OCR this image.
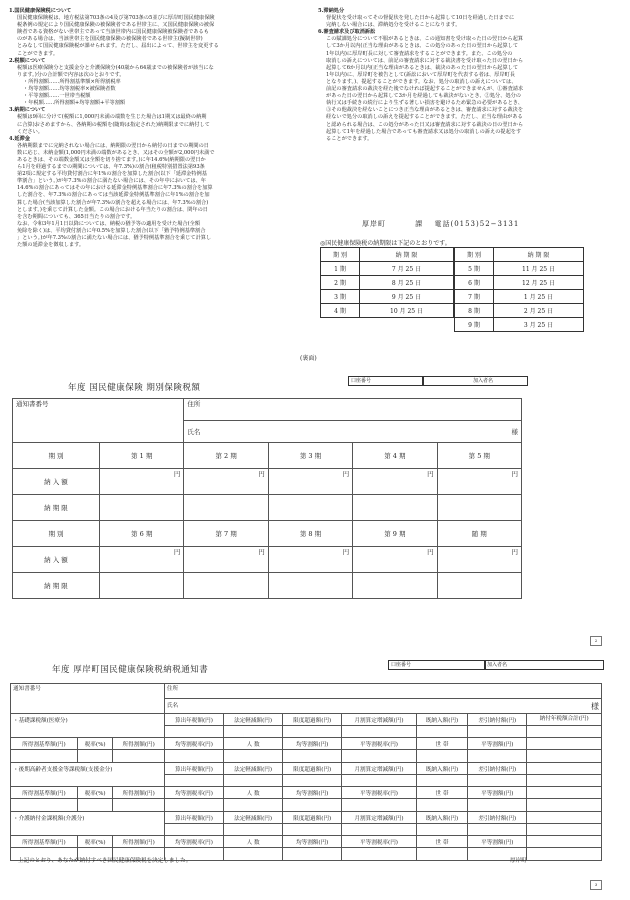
1.国民健康保険税について

国民健康保険税は、地方税法第703条の4及び第703条の5並びに厚岸町国民健康保険

税条例の規定により国民健康保険の被保険者である世帯主に、又国民健康保険の被保

険者である資格がない世帯主であって当該世帯内に国民健康保険被保険者であるも

のがある場合は、当該世帯主を国民健康保険の被保険者である世帯主(擬制世帯)

とみなして国民健康保険税が課せられます。ただし、届出によって、世帯主を変更する

ことができます。

2.税額について

税額は医療保険分と支援金分と介護保険分(40歳から64歳までの被保険者が該当にな

ります。)分の合計額で内容は次のとおりです。

・所得割額……所得割基準額×所得割税率

・均等割額……均等割税率×被保険者数

・平等割額……一世帯当税額

・年税額……所得割額+均等割額+平等割額

3.納期について

税額は9回に分けて(税額に1,000円未満の端数を生じた場合は1期又は最終の納期

に合算)おさめますから、各納期の税額を(随時は指定された)納期限までに納付して

ください。

4.延滞金

各納期限までに完納されない場合には、納期限の翌日から納付の日までの期間の日

数に応じ、未納金額(1,000円未満の端数があるとき、又はその全額が2,000円未満で

あるときは、その端数金額又は全額を切り捨てます。)に年14.6%(納期限の翌日か

ら1月を経過するまでの期間については、年7.3%)の割合(租税特別措置法第93条

第2項に規定する平均貸付割合に年1%の割合を加算した割合(以下「延滞金特例基

準割合」という。)が年7.3%の割合に満たない場合には、その年中においては、年

14.6%の割合にあってはその年における延滞金特例基準割合に年7.3%の割合を加算

した割合を、年7.3%の割合にあっては当該延滞金特例基準割合に年1%の割合を加

算した場合(当該加算した割合が年7.3%の割合を超える場合には、年7.3%の割合)

とします。)を乗じて計算した金額。この場合における年当たりの割合は、閏年の日

を含む期間についても、365日当たりの割合です。

なお、令和3年1月1日以降については、納税の猶予等の適用を受けた場合(全額

免除を除く)は、平均貸付割合に年0.5%を加算した割合(以下「猶予特例基準割合

」という。)が年7.3%の割合に満たない場合には、猶予特例基準割合を乗じて計算し

た額の延滞金を徴収します。

5.滞納処分

督促状を受け取ってその督促状を発した日から起算して10日を経過した日までに

完納しない場合には、滞納処分を受けることになります。

6.審査請求及び取消訴訟

この賦課処分について不服があるときは、この通知書を受け取った日の翌日から起算

して3か月以内(正当な理由があるときは、この処分のあった日の翌日から起算して

1年以内)に厚岸町長に対して審査請求をすることができます。また、この処分の

取消しの訴えについては、前記の審査請求に対する裁決書を受け取った日の翌日から

起算して6か月以内(正当な理由があるときは、裁決のあった日の翌日から起算して

1年以内)に、厚岸町を被告として(訴訟において厚岸町を代表する者は、厚岸町長

となります。)、提起することができます。なお、処分の取消しの訴えについては、

前記の審査請求の裁決を経た後でなければ提起することができませんが、①審査請求

があった日の翌日から起算して3か月を経過しても裁決がないとき、②処分、処分の

執行又は手続きの続行により生ずる著しい損害を避けるため緊急の必要があるとき、

③その他裁決を経ないことにつき正当な理由があるときは、審査請求に対する裁決を

経ないで処分の取消しの訴えを提起することができます。ただし、正当な理由がある

と認められる場合は、この処分があった日又は審査請求に対する裁決の日の翌日から

起算して1年を経過した場合であっても審査請求又は処分の取消しの訴えの提起をす

ることができます。

厚岸町	課 電話(0153)52−3131
◎国民健康保険税の納期限は下記のとおりです。
期 別	納 期 限
1 期	7 月 25 日
2 期	8 月 25 日
3 期	9 月 25 日
4 期	10 月 25 日
期 別	納 期 限
5 期	11 月 25 日
6 期	12 月 25 日
7 期	1 月 25 日
8 期	2 月 25 日
9 期	3 月 25 日
(裏面)
年度 国民健康保険 期別保険税額
口座番号	加入者名
通知書番号		住所			
		氏名 様			

期 別	第 1 期	第 2 期	第 3 期	第 4 期	第 5 期
納 入 額	円	円	円	円	円
納 期 限					
期 別	第 6 期	第 7 期	第 8 期	第 9 期	随 期
納 入 額	円	円	円	円	円
納 期 限					
2
年度 厚岸町国民健康保険税納税通知書	口座番号	加入者名
通知書番号			住所						
			氏名 様						

・基礎課税額(医療分)			算出年税額(円)	法定軽減額(円)	限度超過額(円)	月割算定増減額(円)	既納入額(円)	差引納付額(円)	納付年税額合計(円)

所得割基準額(円)	税率(%)	所得割額(円)	均等割税率(円)	人 数	均等割額(円)	平等割税率(円)	世 帯	平等割額(円)	

・後期高齢者支援金等課税額(支援金分)			算出年税額(円)	法定軽減額(円)	限度超過額(円)	月割算定増減額(円)	既納入額(円)	差引納付額(円)	

所得割基準額(円)	税率(%)	所得割額(円)	均等割税率(円)	人 数	均等割額(円)	平等割税率(円)	世 帯	平等割額(円)	

・介護納付金課税額(介護分)			算出年税額(円)	法定軽減額(円)	限度超過額(円)	月割算定増減額(円)	既納入額(円)	差引納付額(円)	

所得割基準額(円)	税率(%)	所得割額(円)	均等割税率(円)	人 数	均等割額(円)	平等割税率(円)	世 帯	平等割額(円)	

上記のとおり、あなたが納付すべき国民健康保険税を決定しました。	厚岸町
3
